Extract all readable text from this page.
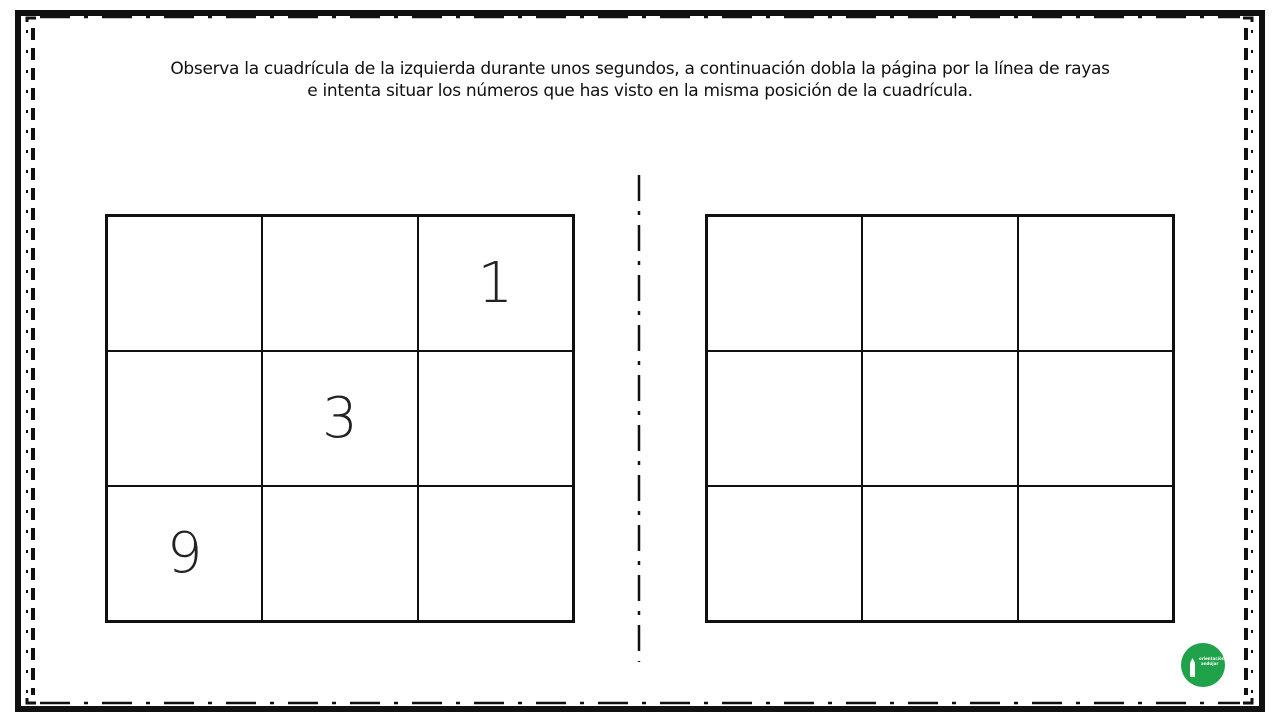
Observa la cuadrícula de la izquierda durante unos segundos, a continuación dobla la página por la línea de rayas
e intenta situar los números que has visto en la misma posición de la cuadrícula.
1
3
9
orientación
andújar
